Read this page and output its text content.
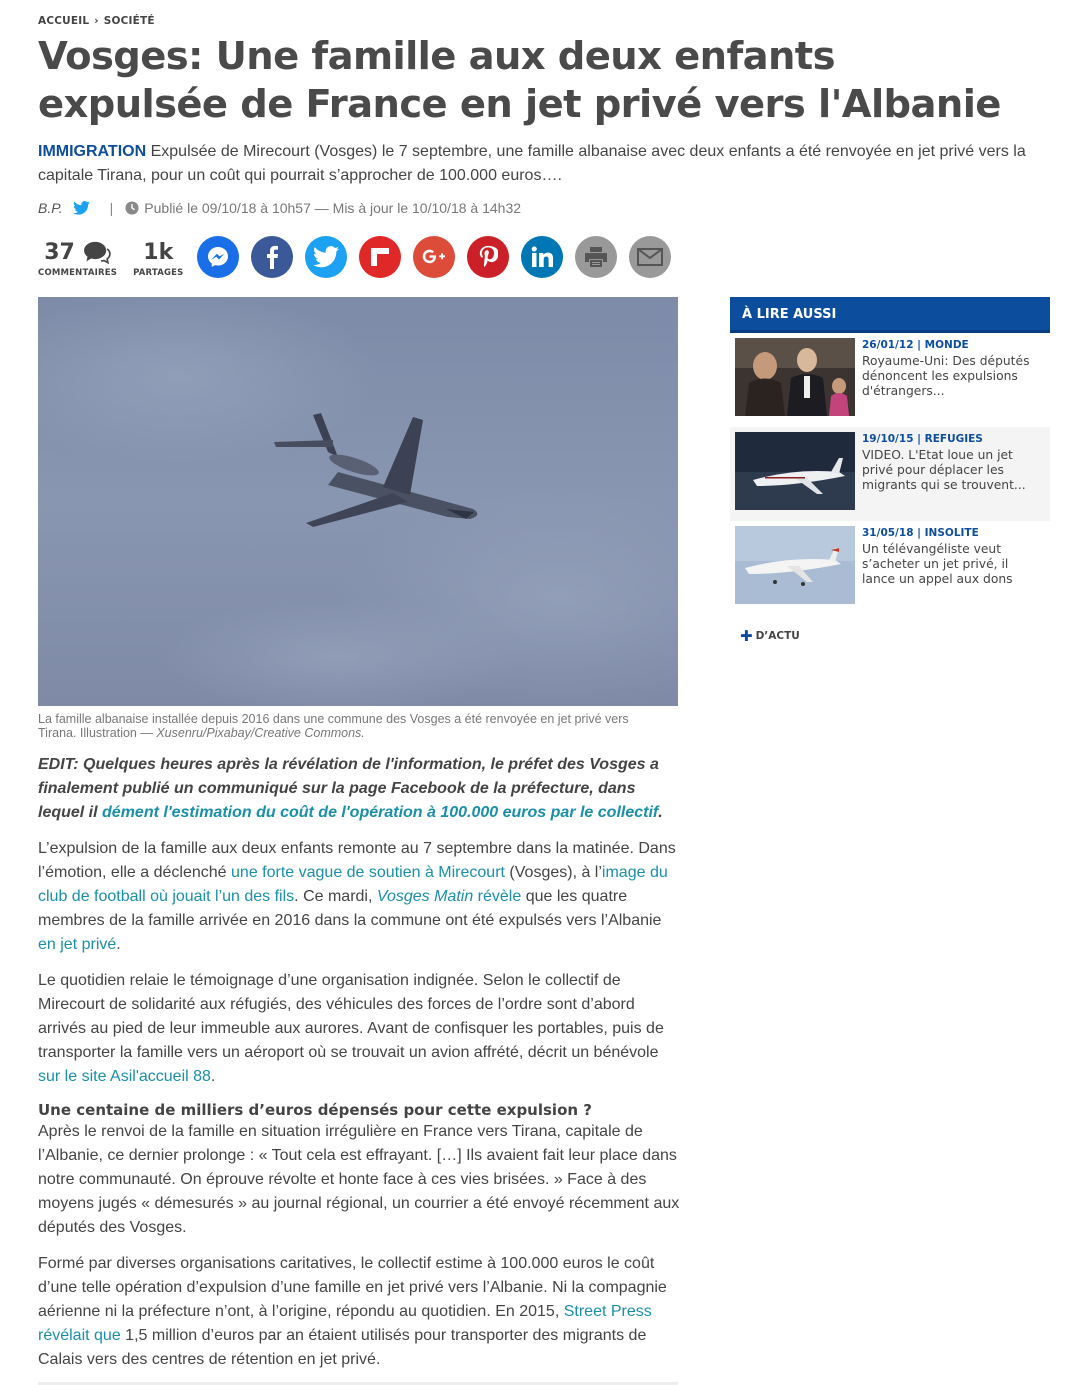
ACCUEIL › SOCIÉTÉ
Vosges: Une famille aux deux enfants expulsée de France en jet privé vers l'Albanie

IMMIGRATION Expulsée de Mirecourt (Vosges) le 7 septembre, une famille albanaise avec deux enfants a été renvoyée en jet privé vers la capitale Tirana, pour un coût qui pourrait s’approcher de 100.000 euros….

B.P.	| Publié le 09/10/18 à 10h57 — Mis à jour le 10/10/18 à 14h32
37
COMMENTAIRES
1k
PARTAGES

La famille albanaise installée depuis 2016 dans une commune des Vosges a été renvoyée en jet privé vers Tirana. Illustration — Xusenru/Pixabay/Creative Commons.

EDIT: Quelques heures après la révélation de l'information, le préfet des Vosges a finalement publié un communiqué sur la page Facebook de la préfecture, dans lequel il dément l'estimation du coût de l'opération à 100.000 euros par le collectif.

L’expulsion de la famille aux deux enfants remonte au 7 septembre dans la matinée. Dans l’émotion, elle a déclenché une forte vague de soutien à Mirecourt (Vosges), à l’image du club de football où jouait l’un des fils. Ce mardi, Vosges Matin révèle que les quatre membres de la famille arrivée en 2016 dans la commune ont été expulsés vers l’Albanie en jet privé.

Le quotidien relaie le témoignage d’une organisation indignée. Selon le collectif de Mirecourt de solidarité aux réfugiés, des véhicules des forces de l’ordre sont d’abord arrivés au pied de leur immeuble aux aurores. Avant de confisquer les portables, puis de transporter la famille vers un aéroport où se trouvait un avion affrété, décrit un bénévole sur le site Asil'accueil 88.

Une centaine de milliers d’euros dépensés pour cette expulsion ?

Après le renvoi de la famille en situation irrégulière en France vers Tirana, capitale de l’Albanie, ce dernier prolonge : « Tout cela est effrayant. […] Ils avaient fait leur place dans notre communauté. On éprouve révolte et honte face à ces vies brisées. » Face à des moyens jugés « démesurés » au journal régional, un courrier a été envoyé récemment aux députés des Vosges.

Formé par diverses organisations caritatives, le collectif estime à 100.000 euros le coût d’une telle opération d’expulsion d’une famille en jet privé vers l’Albanie. Ni la compagnie aérienne ni la préfecture n’ont, à l’origine, répondu au quotidien. En 2015, Street Press révélait que 1,5 million d’euros par an étaient utilisés pour transporter des migrants de Calais vers des centres de rétention en jet privé.

À LIRE AUSSI
26/01/12 | MONDE
Royaume-Uni: Des députés dénoncent les expulsions d'étrangers...
19/10/15 | REFUGIES
VIDEO. L'Etat loue un jet privé pour déplacer les migrants qui se trouvent...
31/05/18 | INSOLITE
Un télévangéliste veut s’acheter un jet privé, il lance un appel aux dons
✚ D’ACTU
